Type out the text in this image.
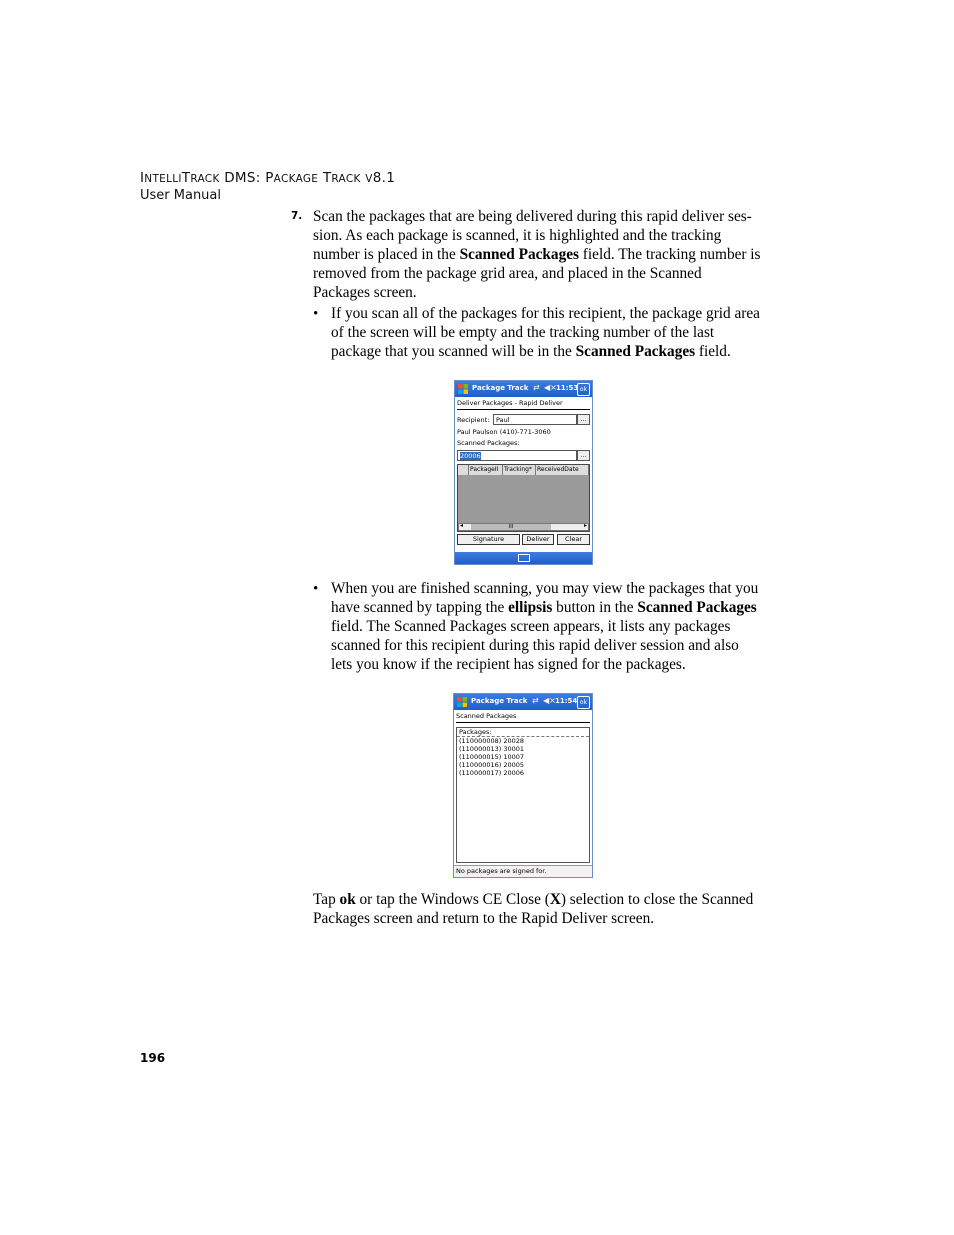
INTELLITRACK DMS: PACKAGE TRACK V8.1
User Manual
7. Scan the packages that are being delivered during this rapid deliver ses-sion. As each package is scanned, it is highlighted and the tracking number is placed in the Scanned Packages field. The tracking number is removed from the package grid area, and placed in the Scanned Packages screen.
• If you scan all of the packages for this recipient, the package grid area of the screen will be empty and the tracking number of the last package that you scanned will be in the Scanned Packages field.
Package Track ⇄ ◀× 11:53 ok
Deliver Packages - Rapid Deliver
Recipient:	Paul	...
Paul Paulson (410)-771-3060
Scanned Packages:
20006	...
PackageII Tracking* ReceivedDate
◂	III	▸
Signature	Deliver	Clear
• When you are finished scanning, you may view the packages that you have scanned by tapping the ellipsis button in the Scanned Packages field. The Scanned Packages screen appears, it lists any packages scanned for this recipient during this rapid deliver session and also lets you know if the recipient has signed for the packages.
Package Track ⇄ ◀× 11:54 ok
Scanned Packages
Packages:
(110000008) 20028
(110000013) 30001
(110000015) 10007
(110000016) 20005
(110000017) 20006
No packages are signed for.
Tap ok or tap the Windows CE Close (X) selection to close the Scanned Packages screen and return to the Rapid Deliver screen.
196
